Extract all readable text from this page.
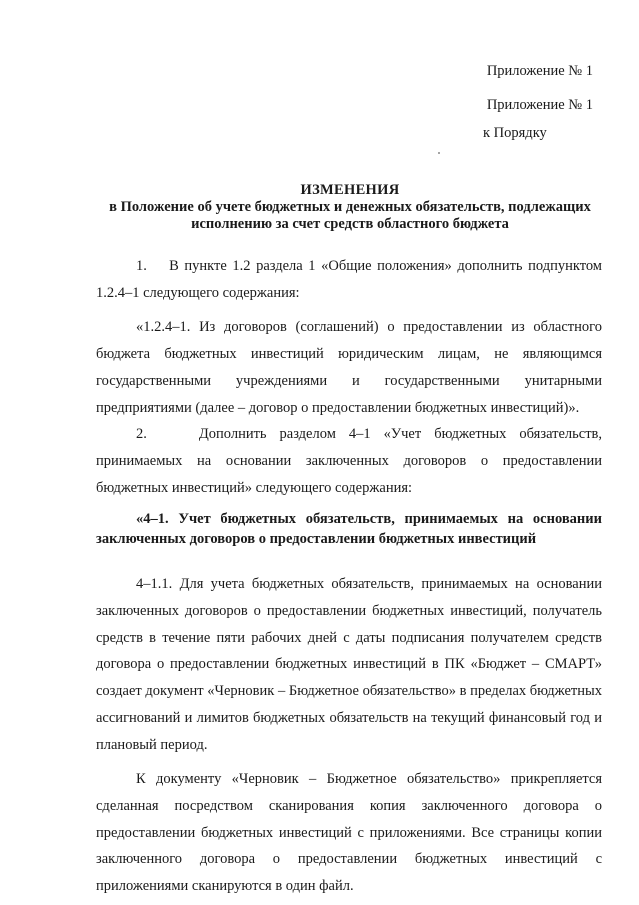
Приложение № 1
Приложение № 1
к Порядку
ИЗМЕНЕНИЯ
в Положение об учете бюджетных и денежных обязательств, подлежащих
исполнению за счет средств областного бюджета

1.    В пункте 1.2 раздела 1 «Общие положения» дополнить подпунктом 1.2.4–1 следующего содержания:

«1.2.4–1. Из договоров (соглашений) о предоставлении из областного бюджета бюджетных инвестиций юридическим лицам, не являющимся государственными учреждениями и государственными унитарными предприятиями (далее – договор о предоставлении бюджетных инвестиций)».

2.    Дополнить разделом 4–1 «Учет бюджетных обязательств, принимаемых на основании заключенных договоров о предоставлении бюджетных инвестиций» следующего содержания:

«4–1. Учет бюджетных обязательств, принимаемых на основании заключенных договоров о предоставлении бюджетных инвестиций

4–1.1. Для учета бюджетных обязательств, принимаемых на основании заключенных договоров о предоставлении бюджетных инвестиций, получатель средств в течение пяти рабочих дней с даты подписания получателем средств договора о предоставлении бюджетных инвестиций в ПК «Бюджет – СМАРТ» создает документ «Черновик – Бюджетное обязательство» в пределах бюджетных ассигнований и лимитов бюджетных обязательств на текущий финансовый год и плановый период.

К документу «Черновик – Бюджетное обязательство» прикрепляется сделанная посредством сканирования копия заключенного договора о предоставлении бюджетных инвестиций с приложениями. Все страницы копии заключенного договора о предоставлении бюджетных инвестиций с приложениями сканируются в один файл.
